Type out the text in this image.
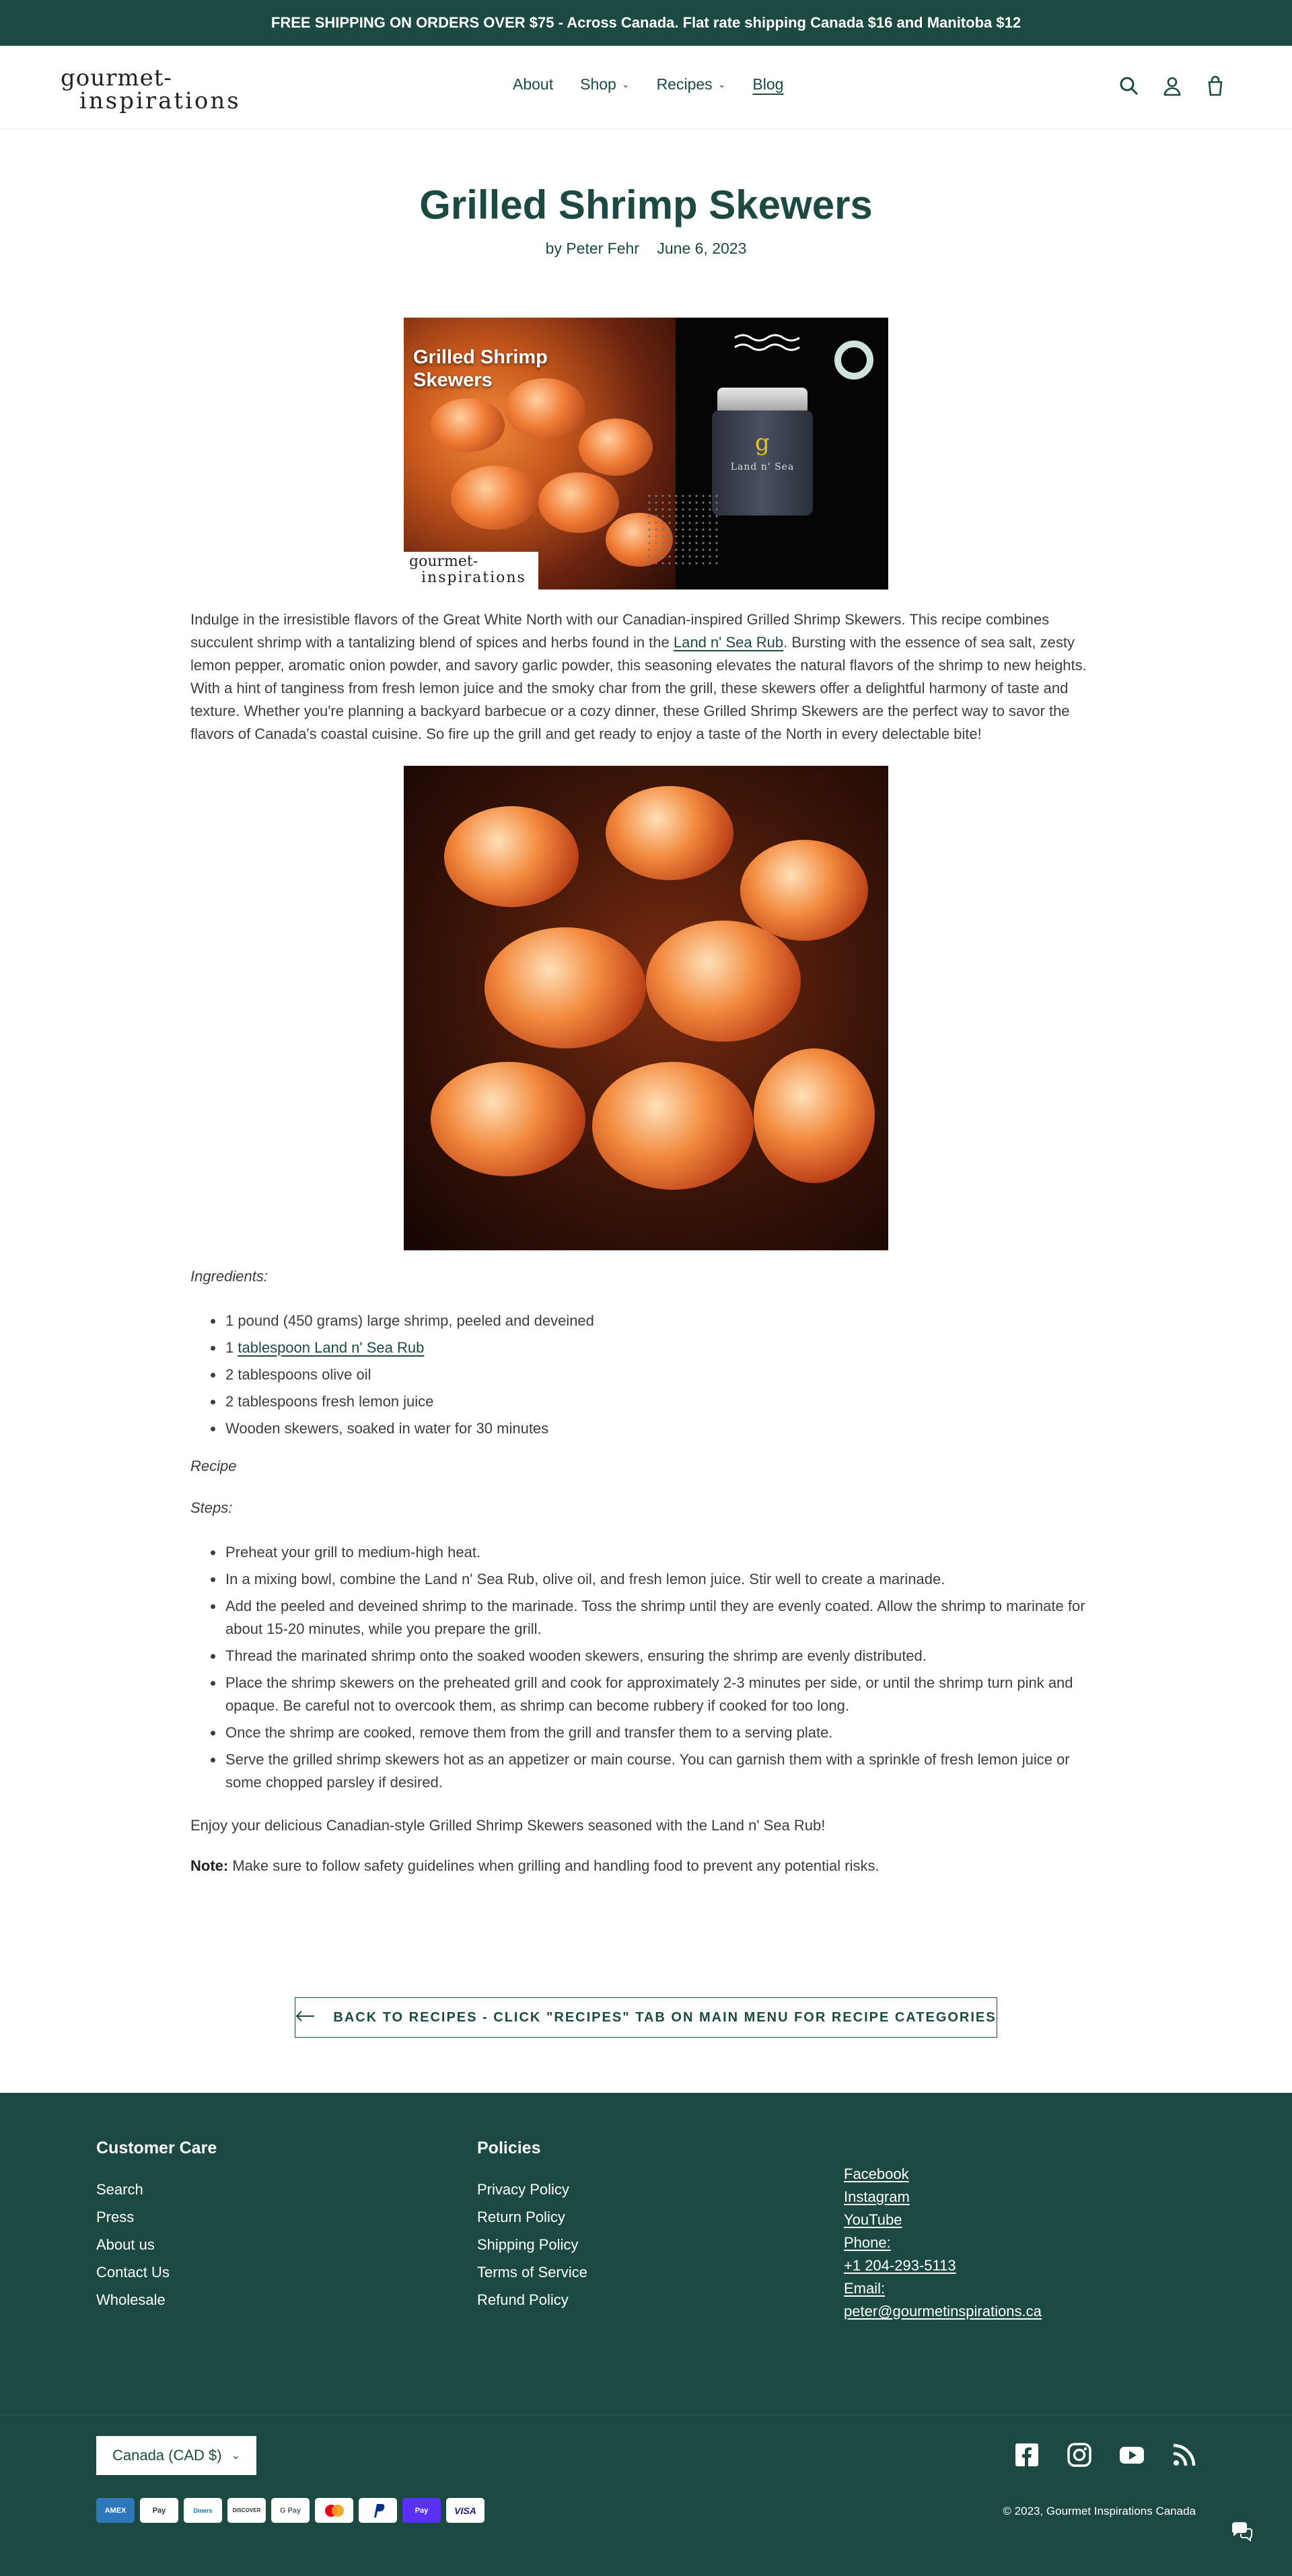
FREE SHIPPING ON ORDERS OVER $75 - Across Canada. Flat rate shipping Canada $16 and Manitoba $12
gourmet-
inspirations
About Shop ⌄ Recipes ⌄ Blog
Grilled Shrimp Skewers
by Peter Fehr June 6, 2023
Grilled Shrimp Skewers
gourmet-
inspirations
g
Land n' Sea

Indulge in the irresistible flavors of the Great White North with our Canadian-inspired Grilled Shrimp Skewers. This recipe combines succulent shrimp with a tantalizing blend of spices and herbs found in the Land n' Sea Rub. Bursting with the essence of sea salt, zesty lemon pepper, aromatic onion powder, and savory garlic powder, this seasoning elevates the natural flavors of the shrimp to new heights. With a hint of tanginess from fresh lemon juice and the smoky char from the grill, these skewers offer a delightful harmony of taste and texture. Whether you're planning a backyard barbecue or a cozy dinner, these Grilled Shrimp Skewers are the perfect way to savor the flavors of Canada's coastal cuisine. So fire up the grill and get ready to enjoy a taste of the North in every delectable bite!

Ingredients:
1 pound (450 grams) large shrimp, peeled and deveined
1 tablespoon Land n' Sea Rub
2 tablespoons olive oil
2 tablespoons fresh lemon juice
Wooden skewers, soaked in water for 30 minutes
Recipe
Steps:
Preheat your grill to medium-high heat.
In a mixing bowl, combine the Land n' Sea Rub, olive oil, and fresh lemon juice. Stir well to create a marinade.
Add the peeled and deveined shrimp to the marinade. Toss the shrimp until they are evenly coated. Allow the shrimp to marinate for about 15-20 minutes, while you prepare the grill.
Thread the marinated shrimp onto the soaked wooden skewers, ensuring the shrimp are evenly distributed.
Place the shrimp skewers on the preheated grill and cook for approximately 2-3 minutes per side, or until the shrimp turn pink and opaque. Be careful not to overcook them, as shrimp can become rubbery if cooked for too long.
Once the shrimp are cooked, remove them from the grill and transfer them to a serving plate.
Serve the grilled shrimp skewers hot as an appetizer or main course. You can garnish them with a sprinkle of fresh lemon juice or some chopped parsley if desired.

Enjoy your delicious Canadian-style Grilled Shrimp Skewers seasoned with the Land n' Sea Rub!

Note: Make sure to follow safety guidelines when grilling and handling food to prevent any potential risks.

BACK TO RECIPES - CLICK "RECIPES" TAB ON MAIN MENU FOR RECIPE CATEGORIES
Customer Care
Search
Press
About us
Contact Us
Wholesale
Policies
Privacy Policy
Return Policy
Shipping Policy
Terms of Service
Refund Policy
Facebook
Instagram
YouTube
Phone:
+1 204-293-5113
Email:
peter@gourmetinspirations.ca
Canada (CAD $) ⌄
AMEX	Pay	Diners	DISCOVER	G Pay	Pay	VISA	© 2023, Gourmet Inspirations Canada
